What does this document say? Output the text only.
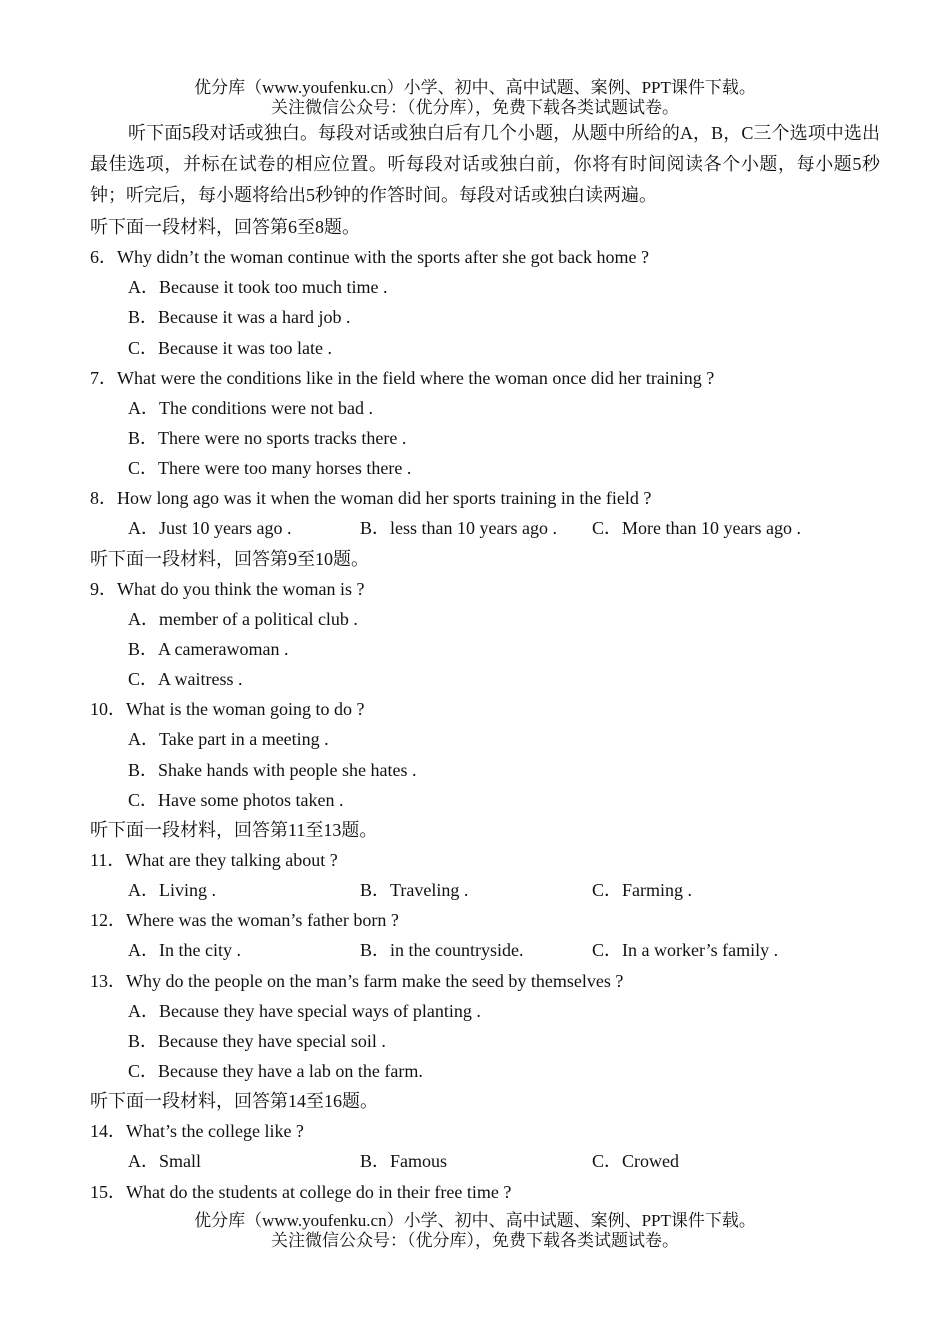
优分库（www.youfenku.cn）小学、初中、高中试题、案例、PPT课件下载。
关注微信公众号：（优分库），免费下载各类试题试卷。
听下面5段对话或独白。每段对话或独白后有几个小题，从题中所给的A，B，C三个选项中选出最佳选项，并标在试卷的相应位置。听每段对话或独白前，你将有时间阅读各个小题，每小题5秒钟；听完后，每小题将给出5秒钟的作答时间。每段对话或独白读两遍。
听下面一段材料，回答第6至8题。
6．Why didn’t the woman continue with the sports after she got back home ?
A．Because it took too much time .
B．Because it was a hard job .
C．Because it was too late .
7．What were the conditions like in the field where the woman once did her training ?
A．The conditions were not bad .
B．There were no sports tracks there .
C．There were too many horses there .
8．How long ago was it when the woman did her sports training in the field ?
A．Just 10 years ago .	B．less than 10 years ago .	C．More than 10 years ago .
听下面一段材料，回答第9至10题。
9．What do you think the woman is ?
A．member of a political club .
B．A camerawoman .
C．A waitress .
10．What is the woman going to do ?
A．Take part in a meeting .
B．Shake hands with people she hates .
C．Have some photos taken .
听下面一段材料，回答第11至13题。
11．What are they talking about ?
A．Living .	B．Traveling .	C．Farming .
12．Where was the woman’s father born ?
A．In the city .	B．in the countryside.	C．In a worker’s family .
13．Why do the people on the man’s farm make the seed by themselves ?
A．Because they have special ways of planting .
B．Because they have special soil .
C．Because they have a lab on the farm.
听下面一段材料，回答第14至16题。
14．What’s the college like ?
A．Small	B．Famous	C．Crowed
15．What do the students at college do in their free time ?
优分库（www.youfenku.cn）小学、初中、高中试题、案例、PPT课件下载。
关注微信公众号：（优分库），免费下载各类试题试卷。
